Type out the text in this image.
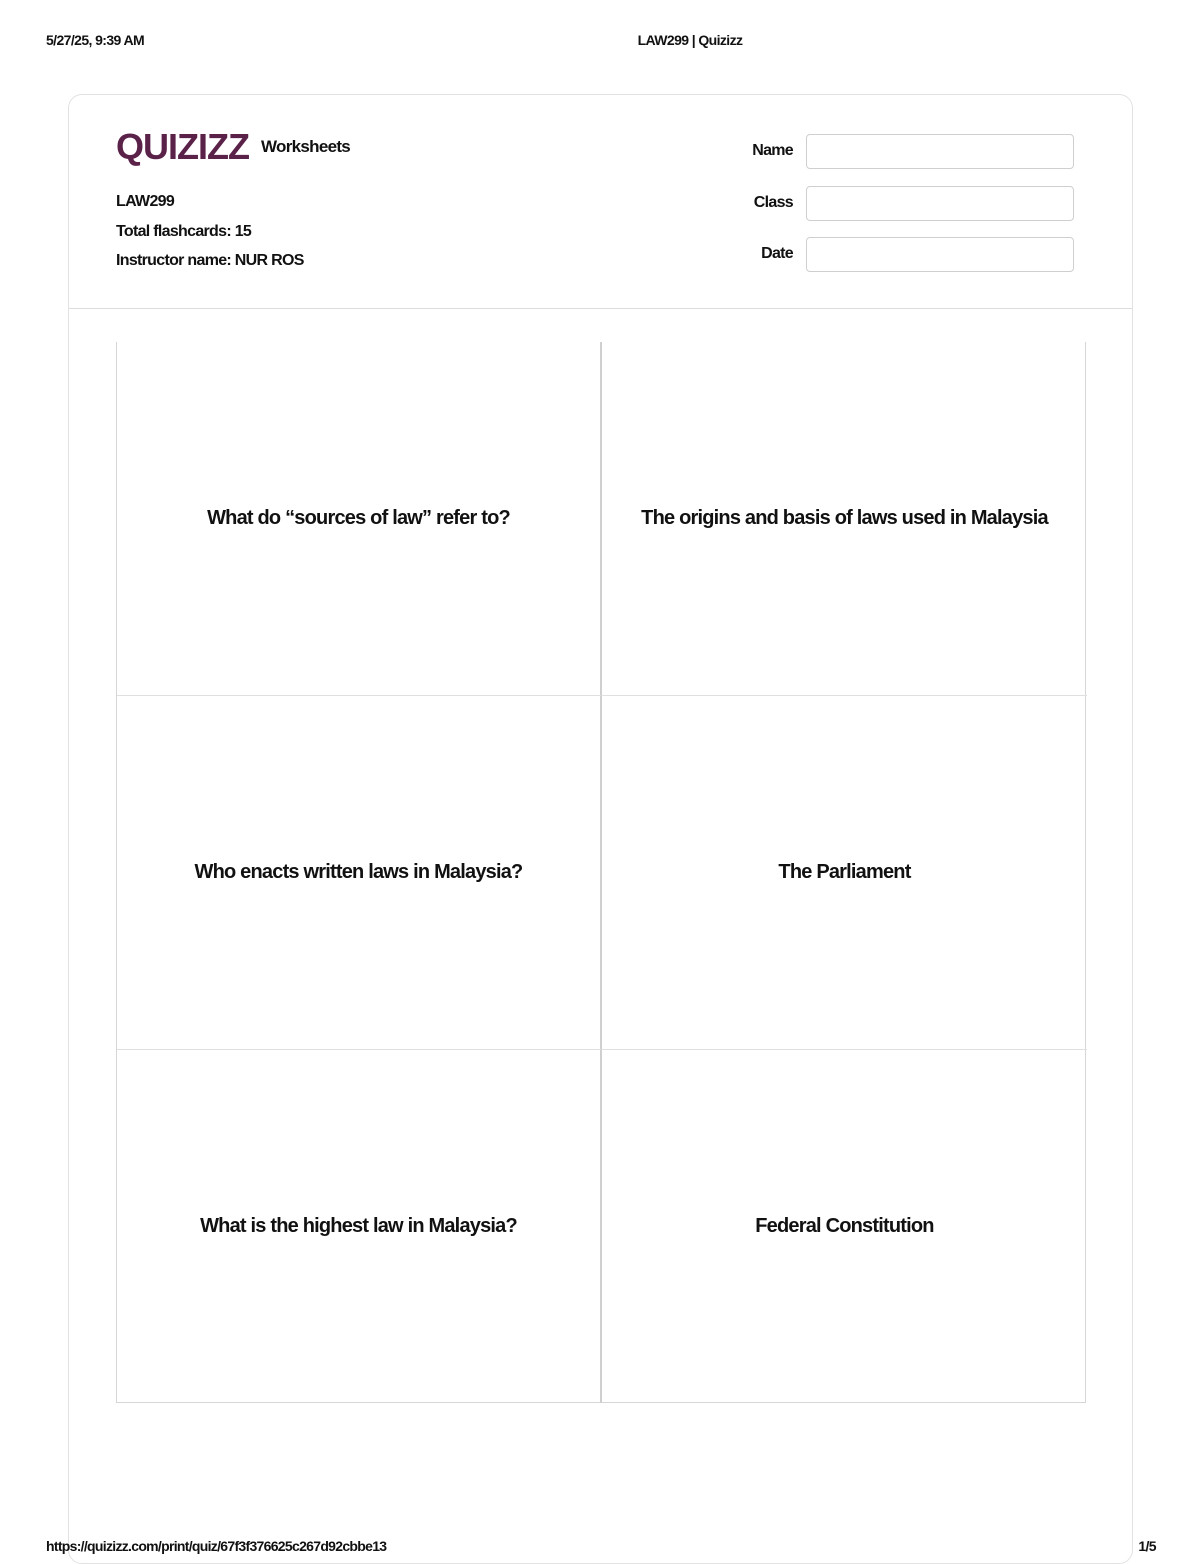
5/27/25, 9:39 AM	LAW299 | Quizizz
QUIZIZZ Worksheets
LAW299
Total flashcards: 15
Instructor name: NUR ROS
Name
Class
Date
What do “sources of law” refer to?	The origins and basis of laws used in Malaysia
Who enacts written laws in Malaysia?	The Parliament
What is the highest law in Malaysia?	Federal Constitution
https://quizizz.com/print/quiz/67f3f376625c267d92cbbe13	1/5
